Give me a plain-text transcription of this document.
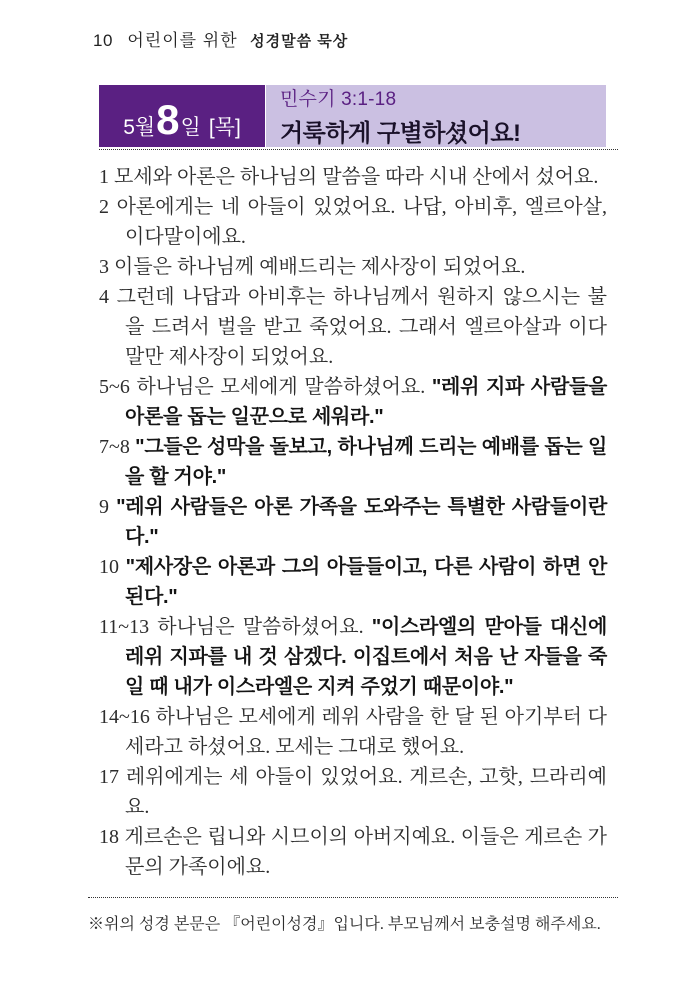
10 어린이를 위한 성경말씀 묵상
5월8일 [목]
민수기 3:1-18
거룩하게 구별하셨어요!

1 모세와 아론은 하나님의 말씀을 따라 시내 산에서 섰어요.

2 아론에게는 네 아들이 있었어요. 나답, 아비후, 엘르아살, 이다말이에요.

3 이들은 하나님께 예배드리는 제사장이 되었어요.

4 그런데 나답과 아비후는 하나님께서 원하지 않으시는 불을 드려서 벌을 받고 죽었어요. 그래서 엘르아살과 이다말만 제사장이 되었어요.

5~6 하나님은 모세에게 말씀하셨어요. "레위 지파 사람들을 아론을 돕는 일꾼으로 세워라."

7~8 "그들은 성막을 돌보고, 하나님께 드리는 예배를 돕는 일을 할 거야."

9 "레위 사람들은 아론 가족을 도와주는 특별한 사람들이란다."

10 "제사장은 아론과 그의 아들들이고, 다른 사람이 하면 안 된다."

11~13 하나님은 말씀하셨어요. "이스라엘의 맏아들 대신에 레위 지파를 내 것 삼겠다. 이집트에서 처음 난 자들을 죽일 때 내가 이스라엘은 지켜 주었기 때문이야."

14~16 하나님은 모세에게 레위 사람을 한 달 된 아기부터 다 세라고 하셨어요. 모세는 그대로 했어요.

17 레위에게는 세 아들이 있었어요. 게르손, 고핫, 므라리예요.

18 게르손은 립니와 시므이의 아버지예요. 이들은 게르손 가문의 가족이에요.

※위의 성경 본문은 『어린이성경』입니다. 부모님께서 보충설명 해주세요.
